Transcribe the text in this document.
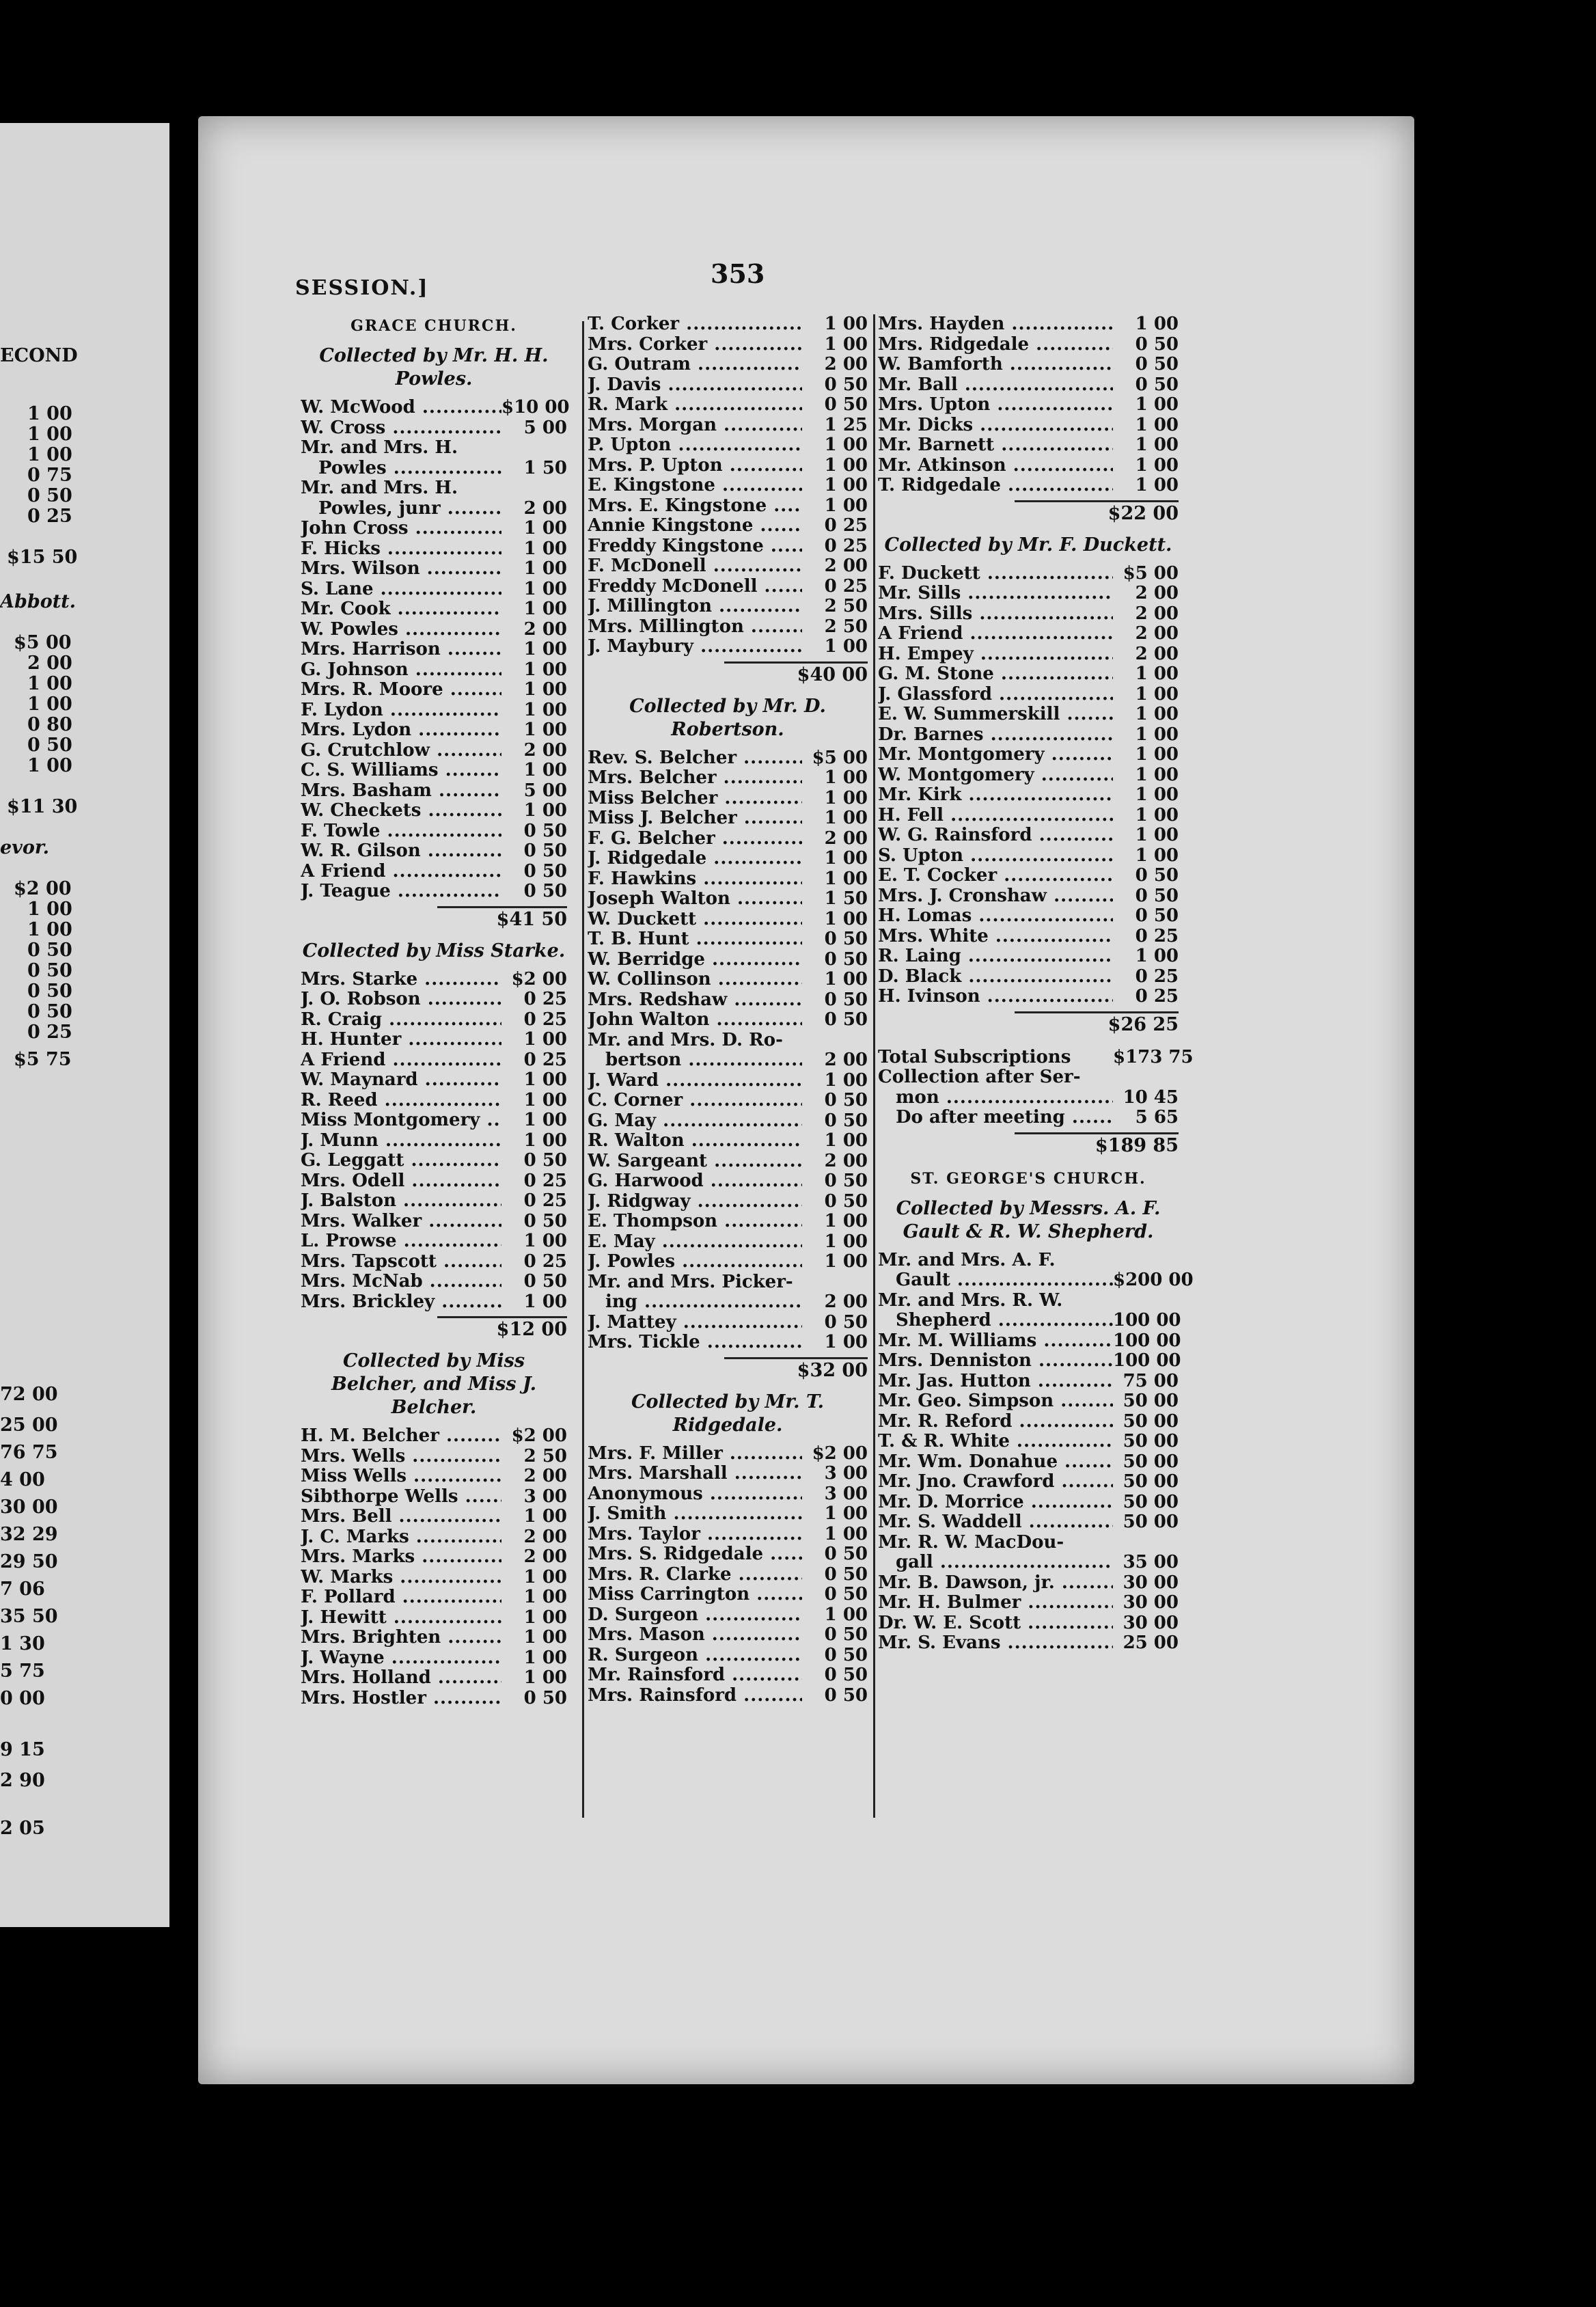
ECOND
1 00
1 00
1 00
0 75
0 50
0 25
$15 50
Abbott.
$5 00
2 00
1 00
1 00
0 80
0 50
1 00
$11 30
evor.
$2 00
1 00
1 00
0 50
0 50
0 50
0 50
0 25
$5 75
72 00
25 00
76 75
4 00
30 00
32 29
29 50
7 06
35 50
1 30
5 75
0 00
9 15
2 90
2 05
SESSION.]	353
GRACE CHURCH.
Collected by Mr. H. H. Powles.
W. McWood .....	$10 00
W. Cross .....	5 00
Mr. and Mrs. H.
Powles .....	1 50
Mr. and Mrs. H.
Powles, junr .....	2 00
John Cross .....	1 00
F. Hicks .....	1 00
Mrs. Wilson .....	1 00
S. Lane .....	1 00
Mr. Cook .....	1 00
W. Powles .....	2 00
Mrs. Harrison .....	1 00
G. Johnson .....	1 00
Mrs. R. Moore .....	1 00
F. Lydon .....	1 00
Mrs. Lydon .....	1 00
G. Crutchlow .....	2 00
C. S. Williams .....	1 00
Mrs. Basham .....	5 00
W. Checkets .....	1 00
F. Towle .....	0 50
W. R. Gilson .....	0 50
A Friend .....	0 50
J. Teague .....	0 50
$41 50
Collected by Miss Starke.
Mrs. Starke .....	$2 00
J. O. Robson .....	0 25
R. Craig .....	0 25
H. Hunter .....	1 00
A Friend .....	0 25
W. Maynard .....	1 00
R. Reed .....	1 00
Miss Montgomery .....	1 00
J. Munn .....	1 00
G. Leggatt .....	0 50
Mrs. Odell .....	0 25
J. Balston .....	0 25
Mrs. Walker .....	0 50
L. Prowse .....	1 00
Mrs. Tapscott .....	0 25
Mrs. McNab .....	0 50
Mrs. Brickley .....	1 00
$12 00
Collected by Miss Belcher, and Miss J. Belcher.
H. M. Belcher .....	$2 00
Mrs. Wells .....	2 50
Miss Wells .....	2 00
Sibthorpe Wells .....	3 00
Mrs. Bell .....	1 00
J. C. Marks .....	2 00
Mrs. Marks .....	2 00
W. Marks .....	1 00
F. Pollard .....	1 00
J. Hewitt .....	1 00
Mrs. Brighten .....	1 00
J. Wayne .....	1 00
Mrs. Holland .....	1 00
Mrs. Hostler .....	0 50
T. Corker .....	1 00
Mrs. Corker .....	1 00
G. Outram .....	2 00
J. Davis .....	0 50
R. Mark .....	0 50
Mrs. Morgan .....	1 25
P. Upton .....	1 00
Mrs. P. Upton .....	1 00
E. Kingstone .....	1 00
Mrs. E. Kingstone .....	1 00
Annie Kingstone .....	0 25
Freddy Kingstone .....	0 25
F. McDonell .....	2 00
Freddy McDonell .....	0 25
J. Millington .....	2 50
Mrs. Millington .....	2 50
J. Maybury .....	1 00
$40 00
Collected by Mr. D. Robertson.
Rev. S. Belcher .....	$5 00
Mrs. Belcher .....	1 00
Miss Belcher .....	1 00
Miss J. Belcher .....	1 00
F. G. Belcher .....	2 00
J. Ridgedale .....	1 00
F. Hawkins .....	1 00
Joseph Walton .....	1 50
W. Duckett .....	1 00
T. B. Hunt .....	0 50
W. Berridge .....	0 50
W. Collinson .....	1 00
Mrs. Redshaw .....	0 50
John Walton .....	0 50
Mr. and Mrs. D. Ro-
bertson .....	2 00
J. Ward .....	1 00
C. Corner .....	0 50
G. May .....	0 50
R. Walton .....	1 00
W. Sargeant .....	2 00
G. Harwood .....	0 50
J. Ridgway .....	0 50
E. Thompson .....	1 00
E. May .....	1 00
J. Powles .....	1 00
Mr. and Mrs. Picker-
ing .....	2 00
J. Mattey .....	0 50
Mrs. Tickle .....	1 00
$32 00
Collected by Mr. T. Ridgedale.
Mrs. F. Miller .....	$2 00
Mrs. Marshall .....	3 00
Anonymous .....	3 00
J. Smith .....	1 00
Mrs. Taylor .....	1 00
Mrs. S. Ridgedale .....	0 50
Mrs. R. Clarke .....	0 50
Miss Carrington .....	0 50
D. Surgeon .....	1 00
Mrs. Mason .....	0 50
R. Surgeon .....	0 50
Mr. Rainsford .....	0 50
Mrs. Rainsford .....	0 50
Mrs. Hayden .....	1 00
Mrs. Ridgedale .....	0 50
W. Bamforth .....	0 50
Mr. Ball .....	0 50
Mrs. Upton .....	1 00
Mr. Dicks .....	1 00
Mr. Barnett .....	1 00
Mr. Atkinson .....	1 00
T. Ridgedale .....	1 00
$22 00
Collected by Mr. F. Duckett.
F. Duckett .....	$5 00
Mr. Sills .....	2 00
Mrs. Sills .....	2 00
A Friend .....	2 00
H. Empey .....	2 00
G. M. Stone .....	1 00
J. Glassford .....	1 00
E. W. Summerskill .....	1 00
Dr. Barnes .....	1 00
Mr. Montgomery .....	1 00
W. Montgomery .....	1 00
Mr. Kirk .....	1 00
H. Fell .....	1 00
W. G. Rainsford .....	1 00
S. Upton .....	1 00
E. T. Cocker .....	0 50
Mrs. J. Cronshaw .....	0 50
H. Lomas .....	0 50
Mrs. White .....	0 25
R. Laing .....	1 00
D. Black .....	0 25
H. Ivinson .....	0 25
$26 25
Total Subscriptions	$173 75
Collection after Ser-
mon .....	10 45
Do after meeting .....	5 65
$189 85
ST. GEORGE'S CHURCH.
Collected by Messrs. A. F. Gault & R. W. Shepherd.
Mr. and Mrs. A. F.
Gault .....	$200 00
Mr. and Mrs. R. W.
Shepherd .....	100 00
Mr. M. Williams .....	100 00
Mrs. Denniston .....	100 00
Mr. Jas. Hutton .....	75 00
Mr. Geo. Simpson .....	50 00
Mr. R. Reford .....	50 00
T. & R. White .....	50 00
Mr. Wm. Donahue .....	50 00
Mr. Jno. Crawford .....	50 00
Mr. D. Morrice .....	50 00
Mr. S. Waddell .....	50 00
Mr. R. W. MacDou-
gall .....	35 00
Mr. B. Dawson, jr. .....	30 00
Mr. H. Bulmer .....	30 00
Dr. W. E. Scott .....	30 00
Mr. S. Evans .....	25 00
